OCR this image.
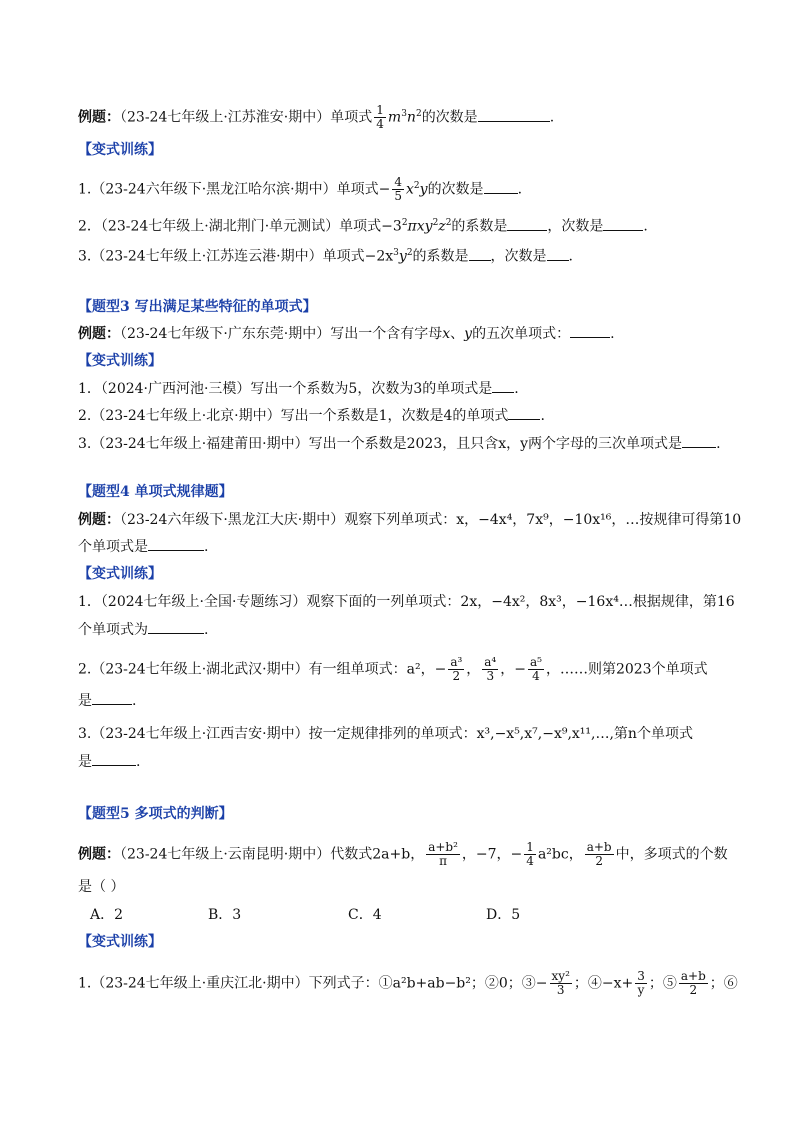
例题：（23-24七年级上·江苏淮安·期中）单项式 $\frac{1}{4} m^3n^2$的次数是	.
【变式训练】
1.（23-24六年级下·黑龙江哈尔滨·期中）单项式− $\frac{4}{5} x^2y$的次数是 .
2．（23-24七年级上·湖北荆门·单元测试）单项式$-3^2\pi xy^2z^2$的系数是	，次数是	.
3.（23-24七年级上·江苏连云港·期中）单项式$-2x^3y^2$的系数是 ，次数是 .
【题型3 写出满足某些特征的单项式】
例题：（23-24七年级下·广东东莞·期中）写出一个含有字母x、y的五次单项式：	.
【变式训练】
1．（2024·广西河池·三模）写出一个系数为5，次数为3的单项式是 .
2.（23-24七年级上·北京·期中）写出一个系数是1，次数是4的单项式 .
3.（23-24七年级上·福建莆田·期中）写出一个系数是2023，且只含x，y两个字母的三次单项式是 .
【题型4 单项式规律题】
例题：（23-24六年级下·黑龙江大庆·期中）观察下列单项式：x，−4x⁴，7x⁹，−10x¹⁶，…按规律可得第10
个单项式是	.
【变式训练】
1．（2024七年级上·全国·专题练习）观察下面的一列单项式：2x，−4x²，8x³，−16x⁴…根据规律，第16
个单项式为	.
2.（23-24七年级上·湖北武汉·期中）有一组单项式：a²，− $\frac{\text{a³}}{2}$ ， $\frac{\text{a⁴}}{3}$ ，− $\frac{\text{a⁵}}{4}$ ，……则第2023个单项式
是	.
3.（23-24七年级上·江西吉安·期中）按一定规律排列的单项式：x³,−x⁵,x⁷,−x⁹,x¹¹,…,第n个单项式
是	.
【题型5 多项式的判断】
例题：（23-24七年级上·云南昆明·期中）代数式2a+b， $\frac{\text{a+b²}}{\pi}$ ，−7，− $\frac{1}{4} a^2bc$， $\frac{a+b}{2}$ 中，多项式的个数
是（ ）
A．2	B．3	C．4	D．5
【变式训练】
1.（23-24七年级上·重庆江北·期中）下列式子：①a²b+ab−b²；②0；③− $\frac{\text{xy²}}{3}$ ；④−x+ $\frac{3}{y}$ ；⑤ $\frac{a+b}{2}$ ；⑥
